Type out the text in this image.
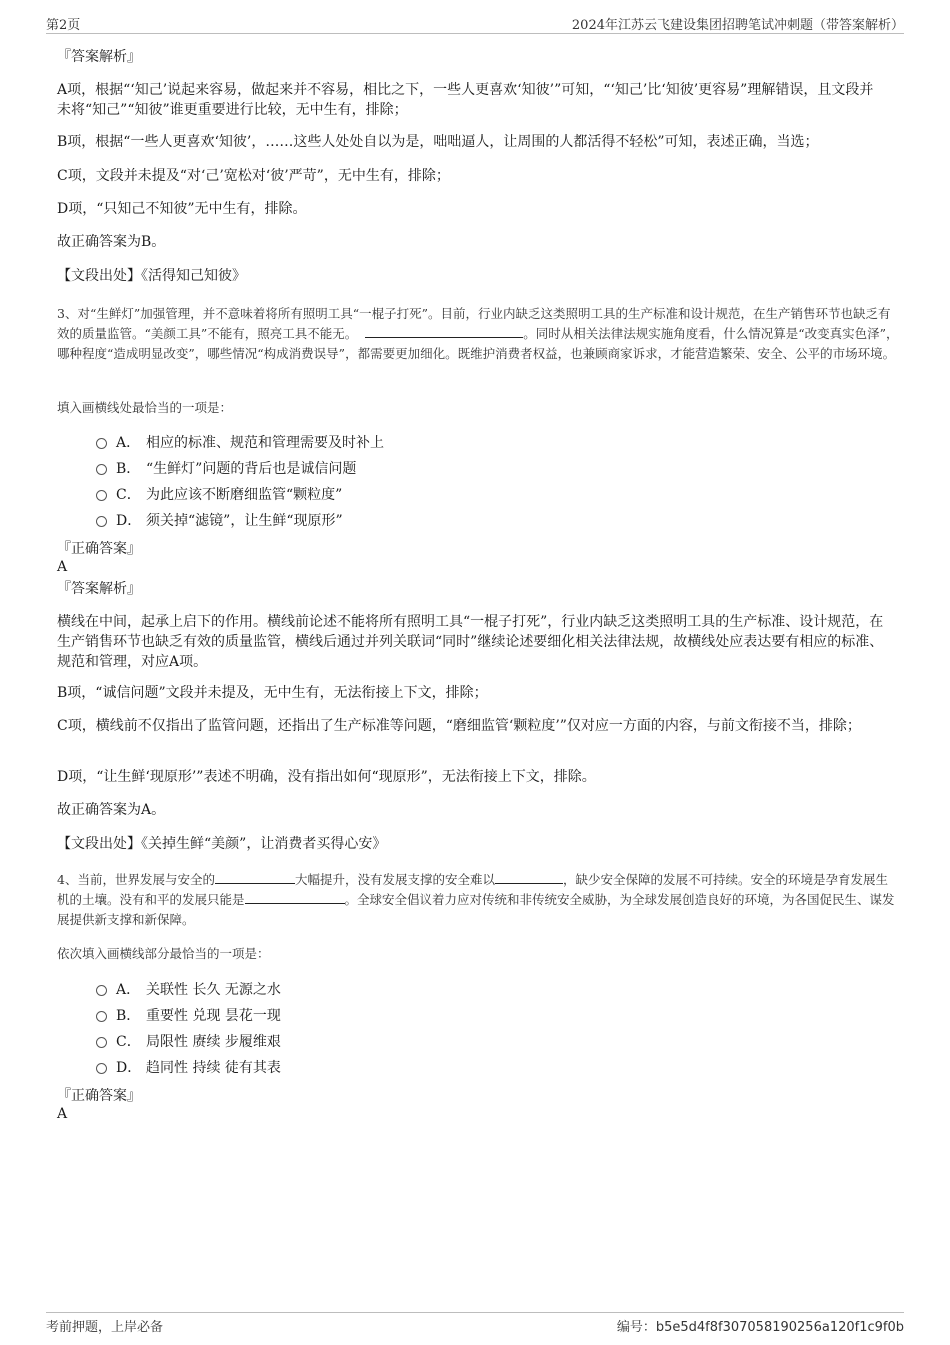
第2页	2024年江苏云飞建设集团招聘笔试冲刺题（带答案解析）
『答案解析』
A项，根据“‘知己’说起来容易，做起来并不容易，相比之下，一些人更喜欢‘知彼’”可知，“‘知己’比‘知彼’更容易”理解错误，且文段并未将“知己”“知彼”谁更重要进行比较，无中生有，排除；
B项，根据“一些人更喜欢‘知彼’，……这些人处处自以为是，咄咄逼人，让周围的人都活得不轻松”可知，表述正确，当选；
C项，文段并未提及“对‘己’宽松对‘彼’严苛”，无中生有，排除；
D项，“只知己不知彼”无中生有，排除。
故正确答案为B。
【文段出处】《活得知己知彼》
3、对“生鲜灯”加强管理，并不意味着将所有照明工具“一棍子打死”。目前，行业内缺乏这类照明工具的生产标准和设计规范，在生产销售环节也缺乏有效的质量监管。“美颜工具”不能有，照亮工具不能无。	。同时从相关法律法规实施角度看，什么情况算是“改变真实色泽”，哪种程度“造成明显改变”，哪些情况“构成消费误导”，都需要更加细化。既维护消费者权益，也兼顾商家诉求，才能营造繁荣、安全、公平的市场环境。
填入画横线处最恰当的一项是：
A． 相应的标准、规范和管理需要及时补上
B． “生鲜灯”问题的背后也是诚信问题
C． 为此应该不断磨细监管“颗粒度”
D． 须关掉“滤镜”，让生鲜“现原形”
『正确答案』
A
『答案解析』
横线在中间，起承上启下的作用。横线前论述不能将所有照明工具“一棍子打死”，行业内缺乏这类照明工具的生产标准、设计规范，在生产销售环节也缺乏有效的质量监管，横线后通过并列关联词“同时”继续论述要细化相关法律法规，故横线处应表达要有相应的标准、规范和管理，对应A项。
B项，“诚信问题”文段并未提及，无中生有，无法衔接上下文，排除；
C项，横线前不仅指出了监管问题，还指出了生产标准等问题，“磨细监管‘颗粒度’”仅对应一方面的内容，与前文衔接不当，排除；
D项，“让生鲜‘现原形’”表述不明确，没有指出如何“现原形”，无法衔接上下文，排除。
故正确答案为A。
【文段出处】《关掉生鲜“美颜”，让消费者买得心安》
4、当前，世界发展与安全的	大幅提升，没有发展支撑的安全难以	，缺少安全保障的发展不可持续。安全的环境是孕育发展生机的土壤。没有和平的发展只能是	。全球安全倡议着力应对传统和非传统安全威胁，为全球发展创造良好的环境，为各国促民生、谋发展提供新支撑和新保障。
依次填入画横线部分最恰当的一项是：
A． 关联性 长久 无源之水
B． 重要性 兑现 昙花一现
C． 局限性 赓续 步履维艰
D． 趋同性 持续 徒有其表
『正确答案』
A
考前押题，上岸必备	编号：b5e5d4f8f307058190256a120f1c9f0b
